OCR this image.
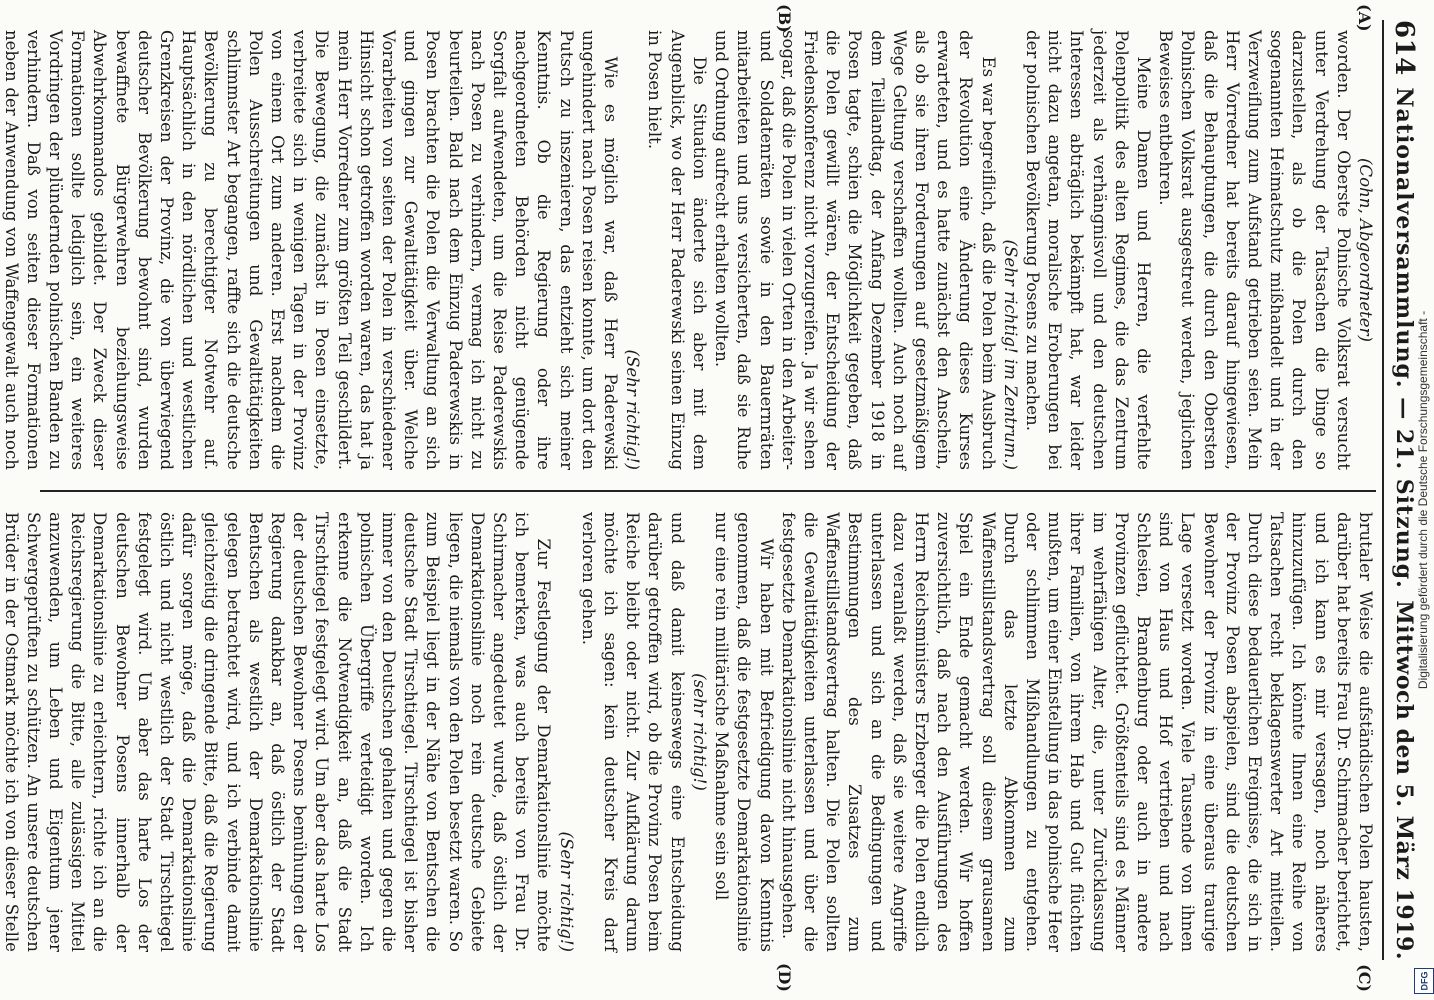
614
Nationalversammlung. — 21. Sitzung.
Mittwoch den 5. März 1919.
(A)
(B)
(C)
(D)

(Cohn, Abgeordneter)

worden. Der Oberste Polnische Volksrat versucht unter Verdrehung der Tatsachen die Dinge so darzustellen, als ob die Polen durch den sogenannten Heimatschutz mißhandelt und in der Verzweiflung zum Aufstand getrieben seien. Mein Herr Vorredner hat bereits darauf hingewiesen, daß die Behauptungen, die durch den Obersten Polnischen Volksrat ausgestreut werden, jeglichen Beweises entbehren.

Meine Damen und Herren, die verfehlte Polenpolitik des alten Regimes, die das Zentrum jederzeit als verhängnisvoll und den deutschen Interessen abträglich bekämpft hat, war leider nicht dazu angetan, moralische Eroberungen bei der polnischen Bevölkerung Posens zu machen.

(Sehr richtig! im Zentrum.)

Es war begreiflich, daß die Polen beim Ausbruch der Revolution eine Änderung dieses Kurses erwarteten, und es hatte zunächst den Anschein, als ob sie ihren Forderungen auf gesetzmäßigem Wege Geltung verschaffen wollten. Auch noch auf dem Teillandtag, der Anfang Dezember 1918 in Posen tagte, schien die Möglichkeit gegeben, daß die Polen gewillt wären, der Entscheidung der Friedenskonferenz nicht vorzugreifen. Ja wir sehen sogar, daß die Polen in vielen Orten in den Arbeiter- und Soldatenräten sowie in den Bauernräten mitarbeiteten und uns versicherten, daß sie Ruhe und Ordnung aufrecht erhalten wollten.

Die Situation änderte sich aber mit dem Augenblick, wo der Herr Paderewski seinen Einzug in Posen hielt.

(Sehr richtig!)

Wie es möglich war, daß Herr Paderewski ungehindert nach Posen reisen konnte, um dort den Putsch zu inszenieren, das entzieht sich meiner Kenntnis. Ob die Regierung oder ihre nachgeordneten Behörden nicht genügende Sorgfalt aufwendeten, um die Reise Paderewskis nach Posen zu verhindern, vermag ich nicht zu beurteilen. Bald nach dem Einzug Paderewskis in Posen brachten die Polen die Verwaltung an sich und gingen zur Gewalttätigkeit über. Welche Vorarbeiten von seiten der Polen in verschiedener Hinsicht schon getroffen worden waren, das hat ja mein Herr Vorredner zum größten Teil geschildert. Die Bewegung, die zunächst in Posen einsetzte, verbreitete sich in wenigen Tagen in der Provinz von einem Ort zum anderen. Erst nachdem die Polen Ausschreitungen und Gewalttätigkeiten schlimmster Art begangen, raffte sich die deutsche Bevölkerung zu berechtigter Notwehr auf. Hauptsächlich in den nördlichen und westlichen Grenzkreisen der Provinz, die von überwiegend deutscher Bevölkerung bewohnt sind, wurden bewaffnete Bürgerwehren beziehungsweise Abwehrkommandos gebildet. Der Zweck dieser Formationen sollte lediglich sein, ein weiteres Vordringen der plündernden polnischen Banden zu verhindern. Daß von seiten dieser Formationen neben der Anwendung von Waffengewalt auch noch

brutaler Weise die aufständischen Polen hausten, darüber hat bereits Frau Dr. Schirmacher berichtet, und ich kann es mir versagen, noch näheres hinzuzufügen. Ich könnte Ihnen eine Reihe von Tatsachen recht beklagenswerter Art mitteilen. Durch diese bedauerlichen Ereignisse, die sich in der Provinz Posen abspielen, sind die deutschen Bewohner der Provinz in eine überaus traurige Lage versetzt worden. Viele Tausende von ihnen sind von Haus und Hof vertrieben und nach Schlesien, Brandenburg oder auch in andere Provinzen geflüchtet. Größtenteils sind es Männer im wehrfähigen Alter, die, unter Zurücklassung ihrer Familien, von ihrem Hab und Gut flüchten mußten, um einer Einstellung in das polnische Heer oder schlimmen Mißhandlungen zu entgehen. Durch das letzte Abkommen zum Waffenstillstandsvertrag soll diesem grausamen Spiel ein Ende gemacht werden. Wir hoffen zuversichtlich, daß nach den Ausführungen des Herrn Reichsministers Erzberger die Polen endlich dazu veranlaßt werden, daß sie weitere Angriffe unterlassen und sich an die Bedingungen und Bestimmungen des Zusatzes zum Waffenstillstandsvertrag halten. Die Polen sollten die Gewalttätigkeiten unterlassen und über die festgesetzte Demarkationslinie nicht hinausgehen.

Wir haben mit Befriedigung davon Kenntnis genommen, daß die festgesetzte Demarkationslinie nur eine rein militärische Maßnahme sein soll

(sehr richtig!)

und daß damit keineswegs eine Entscheidung darüber getroffen wird, ob die Provinz Posen beim Reiche bleibt oder nicht. Zur Aufklärung darum möchte ich sagen: kein deutscher Kreis darf verloren gehen.

(Sehr richtig!)

Zur Festlegung der Demarkationslinie möchte ich bemerken, was auch bereits von Frau Dr. Schirmacher angedeutet wurde, daß östlich der Demarkationslinie noch rein deutsche Gebiete liegen, die niemals von den Polen besetzt waren. So zum Beispiel liegt in der Nähe von Bentschen die deutsche Stadt Tirschtiegel. Tirschtiegel ist bisher immer von den Deutschen gehalten und gegen die polnischen Übergriffe verteidigt worden. Ich erkenne die Notwendigkeit an, daß die Stadt Tirschtiegel festgelegt wird. Um aber das harte Los der deutschen Bewohner Posens bemühungen der Regierung dankbar an, daß östlich der Stadt Bentschen als westlich der Demarkationslinie gelegen betrachtet wird, und ich verbinde damit gleichzeitig die dringende Bitte, daß die Regierung dafür sorgen möge, daß die Demarkationslinie östlich und nicht westlich der Stadt Tirschtiegel festgelegt wird. Um aber das harte Los der deutschen Bewohner Posens innerhalb der Demarkationslinie zu erleichtern, richte ich an die Reichsregierung die Bitte, alle zulässigen Mittel anzuwenden, um Leben und Eigentum jener Schwergeprüften zu schützen. An unsere deutschen Brüder in der Ostmark möchte ich von dieser Stelle

Digitalisierung gefördert durch die Deutsche Forschungsgemeinschaft -
DFG
